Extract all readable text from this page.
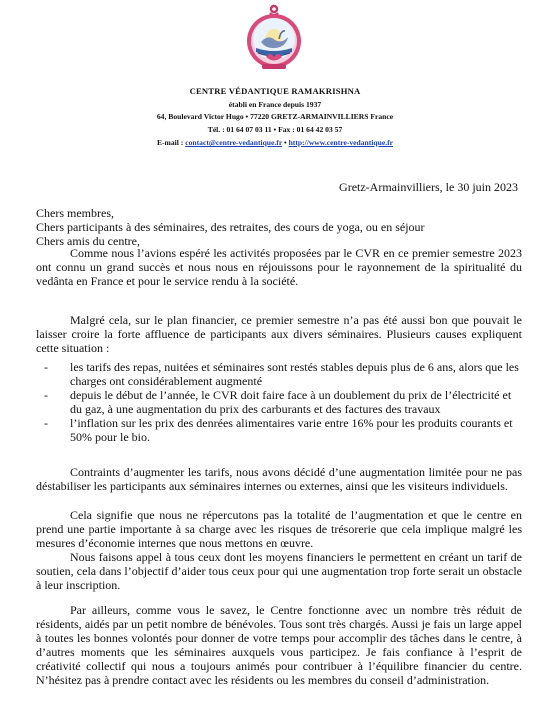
CENTRE VÉDANTIQUE RAMAKRISHNA
établi en France depuis 1937
64, Boulevard Victor Hugo • 77220 GRETZ-ARMAINVILLIERS France
Tél. : 01 64 07 03 11 • Fax : 01 64 42 03 57
E-mail : contact@centre-vedantique.fr • http://www.centre-vedantique.fr
Gretz-Armainvilliers, le 30 juin 2023
Chers membres,
Chers participants à des séminaires, des retraites, des cours de yoga, ou en séjour
Chers amis du centre,

Comme nous l’avions espéré les activités proposées par le CVR en ce premier semestre 2023 ont connu un grand succès et nous nous en réjouissons pour le rayonnement de la spiritualité du vedânta en France et pour le service rendu à la société.

Malgré cela, sur le plan financier, ce premier semestre n’a pas été aussi bon que pouvait le laisser croire la forte affluence de participants aux divers séminaires. Plusieurs causes expliquent cette situation :

-	les tarifs des repas, nuitées et séminaires sont restés stables depuis plus de 6 ans, alors que les charges ont considérablement augmenté
-	depuis le début de l’année, le CVR doit faire face à un doublement du prix de l’électricité et du gaz, à une augmentation du prix des carburants et des factures des travaux
-	l’inflation sur les prix des denrées alimentaires varie entre 16% pour les produits courants et 50% pour le bio.

Contraints d’augmenter les tarifs, nous avons décidé d’une augmentation limitée pour ne pas déstabiliser les participants aux séminaires internes ou externes, ainsi que les visiteurs individuels.

Cela signifie que nous ne répercutons pas la totalité de l’augmentation et que le centre en prend une partie importante à sa charge avec les risques de trésorerie que cela implique malgré les mesures d’économie internes que nous mettons en œuvre.

Nous faisons appel à tous ceux dont les moyens financiers le permettent en créant un tarif de soutien, cela dans l’objectif d’aider tous ceux pour qui une augmentation trop forte serait un obstacle à leur inscription.

Par ailleurs, comme vous le savez, le Centre fonctionne avec un nombre très réduit de résidents, aidés par un petit nombre de bénévoles. Tous sont très chargés. Aussi je fais un large appel à toutes les bonnes volontés pour donner de votre temps pour accomplir des tâches dans le centre, à d’autres moments que les séminaires auxquels vous participez. Je fais confiance à l’esprit de créativité collectif qui nous a toujours animés pour contribuer à l’équilibre financier du centre. N’hésitez pas à prendre contact avec les résidents ou les membres du conseil d’administration.
